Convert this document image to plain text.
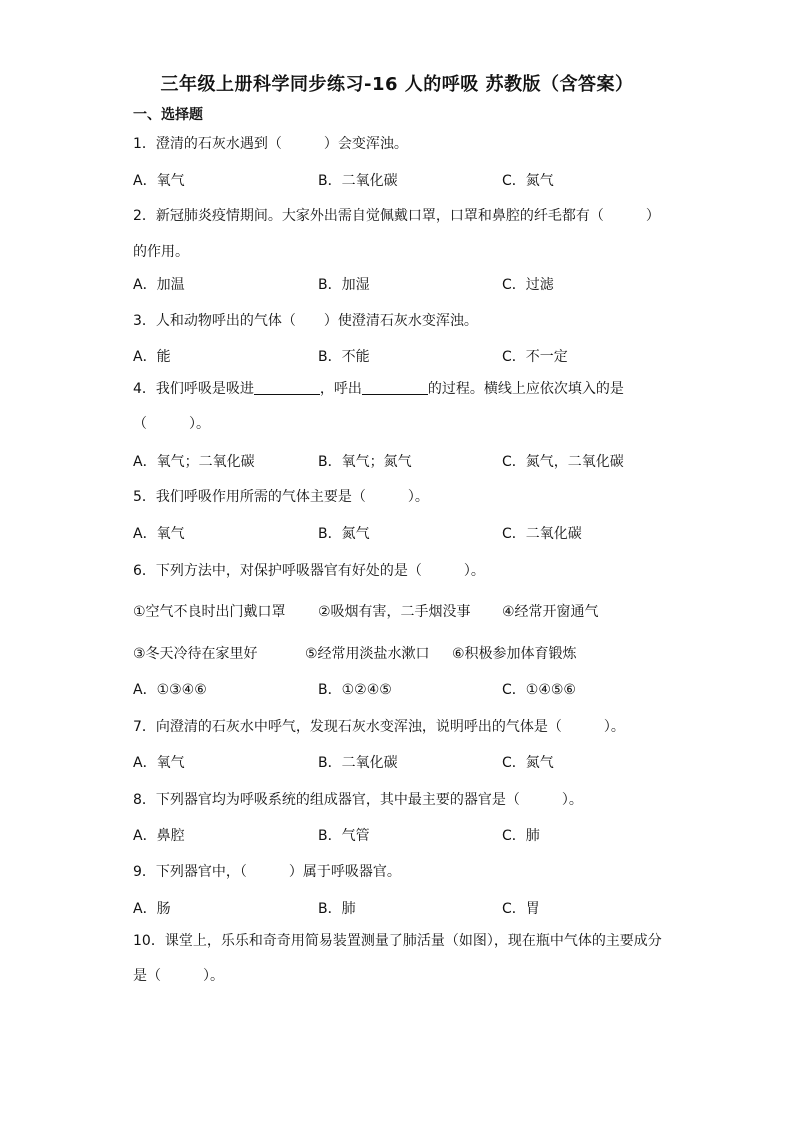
三年级上册科学同步练习-16 人的呼吸 苏教版（含答案）
一、选择题
1．澄清的石灰水遇到（　　　）会变浑浊。
A．氧气	B．二氧化碳	C．氮气
2．新冠肺炎疫情期间。大家外出需自觉佩戴口罩，口罩和鼻腔的纤毛都有（　　　）
的作用。
A．加温	B．加湿	C．过滤
3．人和动物呼出的气体（　　）使澄清石灰水变浑浊。
A．能	B．不能	C．不一定
4．我们呼吸是吸进	，呼出	的过程。横线上应依次填入的是
（　　　）。
A．氧气；二氧化碳	B．氧气；氮气	C．氮气，二氧化碳
5．我们呼吸作用所需的气体主要是（　　　）。
A．氧气	B．氮气	C．二氧化碳
6．下列方法中，对保护呼吸器官有好处的是（　　　）。
①空气不良时出门戴口罩 ②吸烟有害，二手烟没事 ④经常开窗通气
③冬天冷待在家里好	⑤经常用淡盐水漱口 ⑥积极参加体育锻炼
A．①③④⑥	B．①②④⑤	C．①④⑤⑥
7．向澄清的石灰水中呼气，发现石灰水变浑浊，说明呼出的气体是（　　　）。
A．氧气	B．二氧化碳	C．氮气
8．下列器官均为呼吸系统的组成器官，其中最主要的器官是（　　　）。
A．鼻腔	B．气管	C．肺
9．下列器官中，（　　　）属于呼吸器官。
A．肠	B．肺	C．胃
10．课堂上，乐乐和奇奇用简易装置测量了肺活量（如图），现在瓶中气体的主要成分
是（　　　）。
